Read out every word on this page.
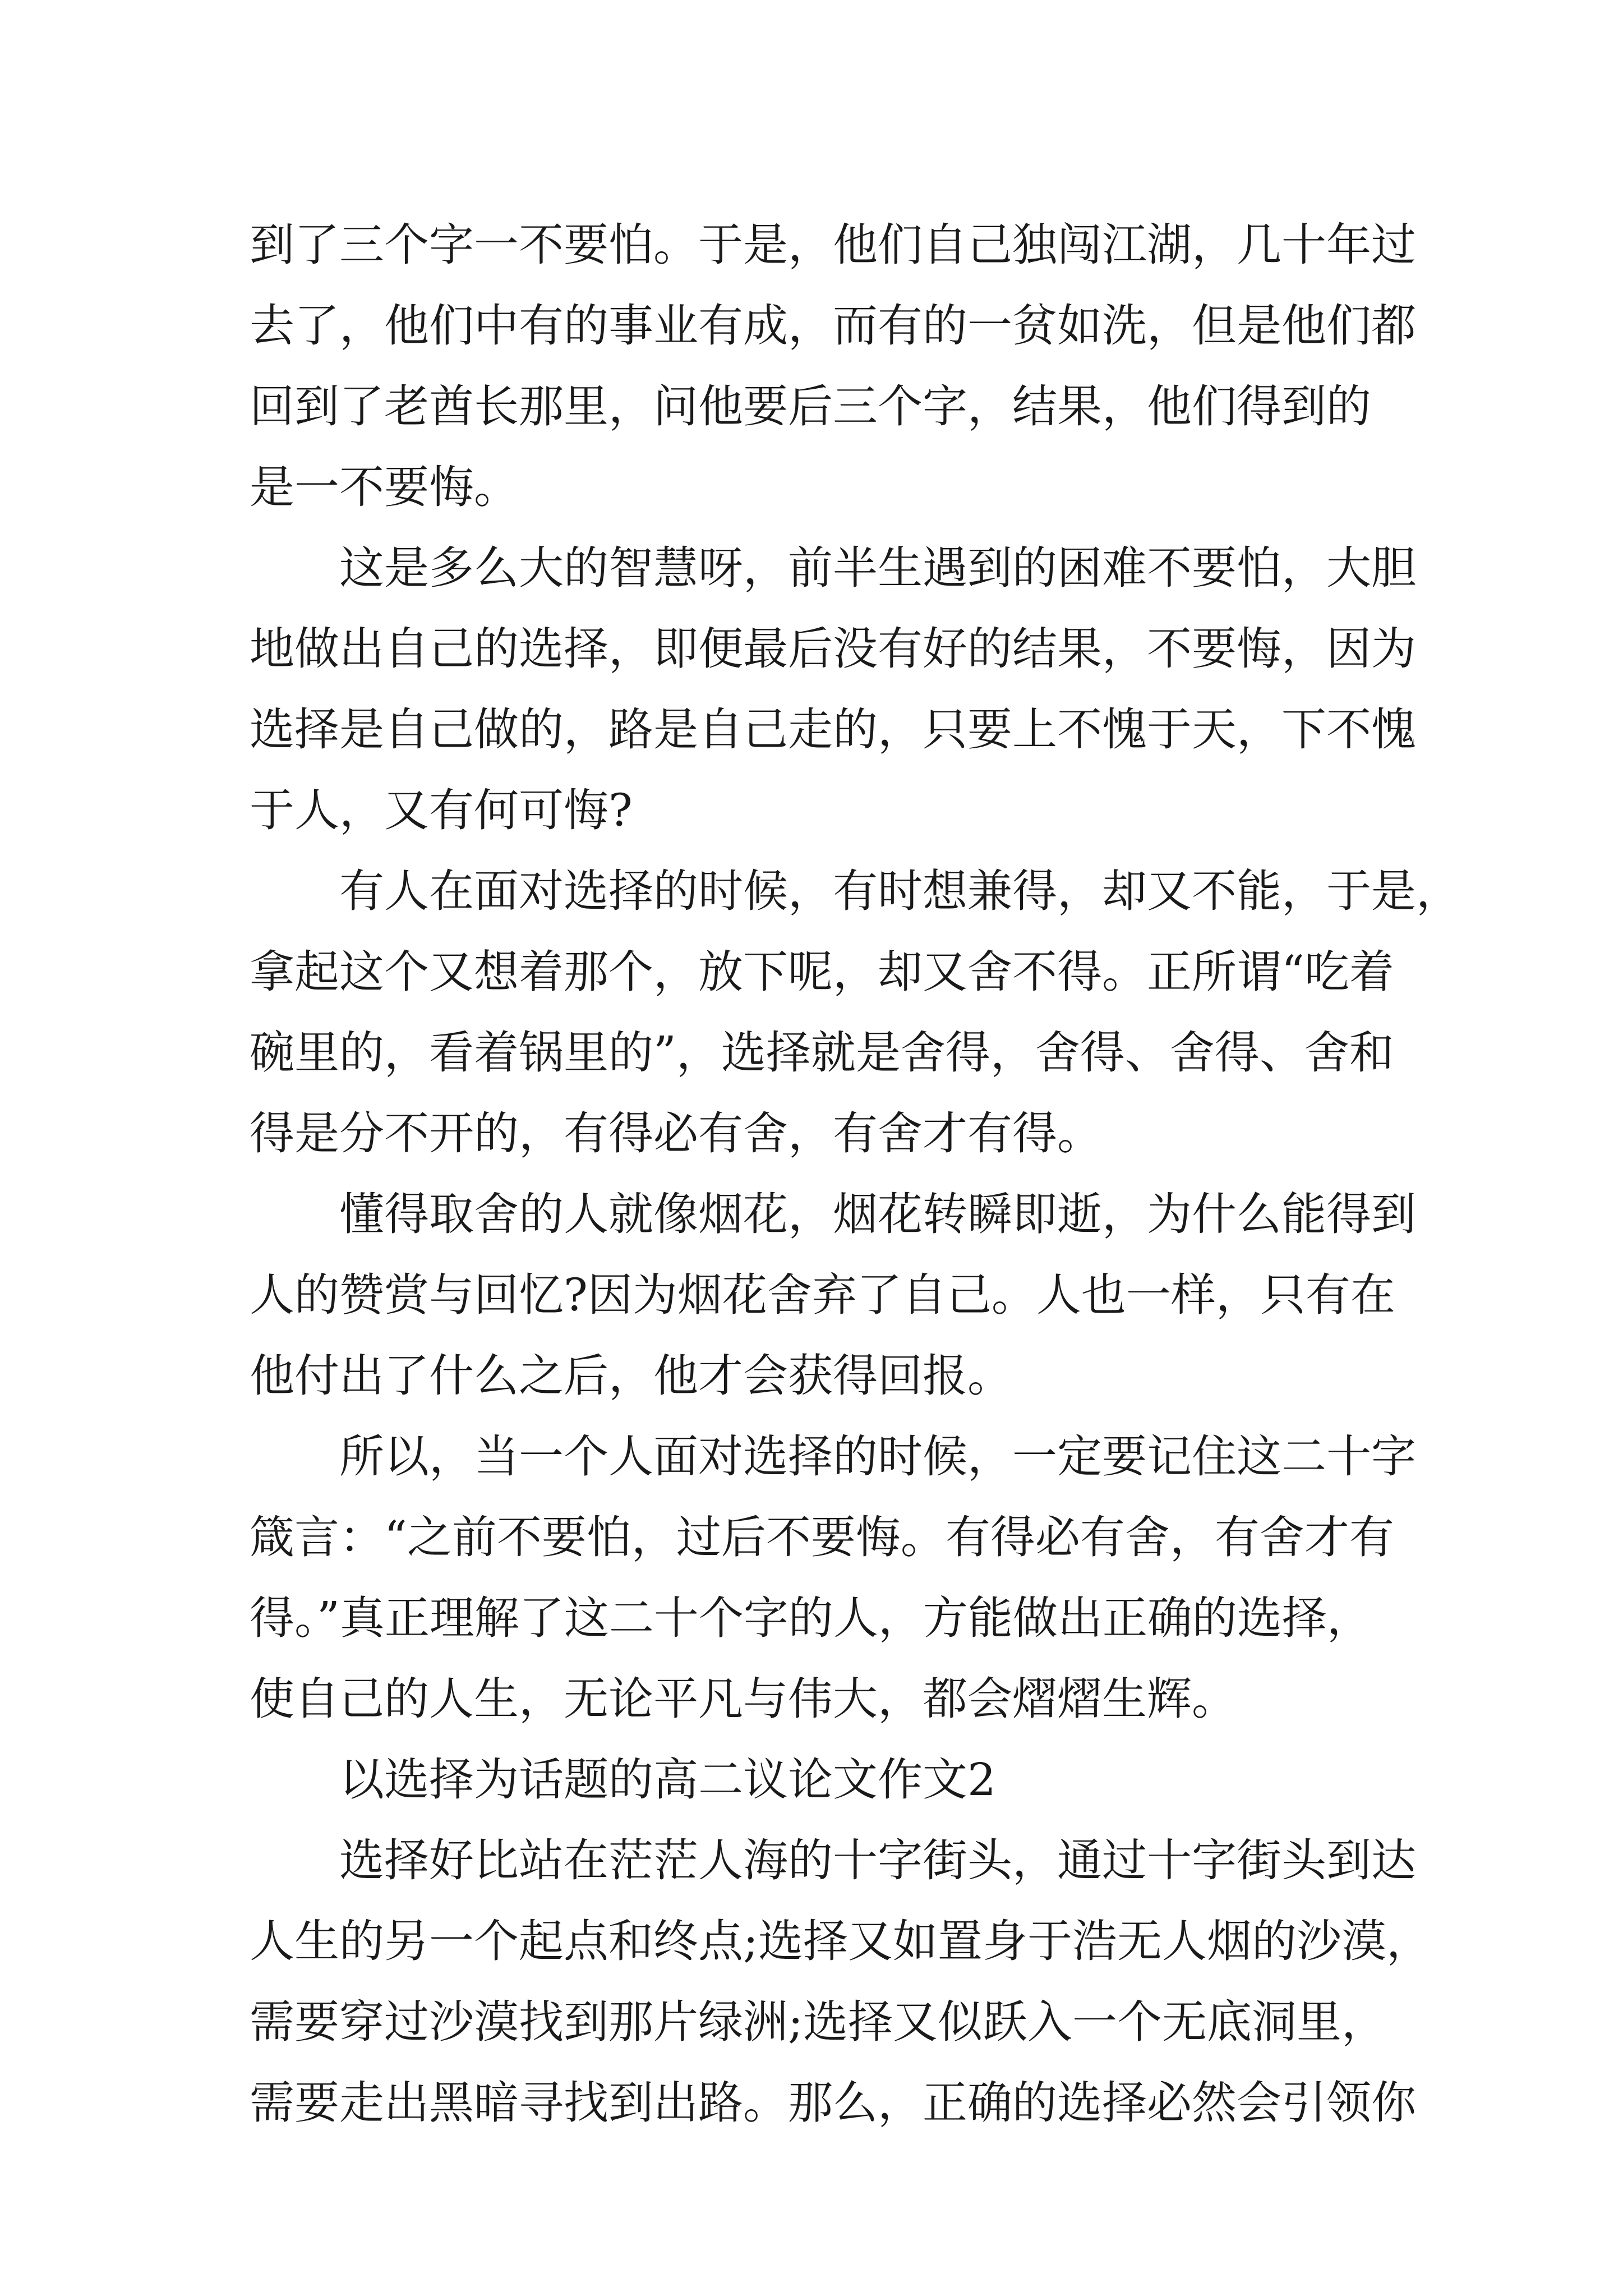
到了三个字一不要怕。于是，他们自己独闯江湖，几十年过
去了，他们中有的事业有成，而有的一贫如洗，但是他们都
回到了老酋长那里，问他要后三个字，结果，他们得到的
是一不要悔。
这是多么大的智慧呀，前半生遇到的困难不要怕，大胆
地做出自己的选择，即便最后没有好的结果，不要悔，因为
选择是自己做的，路是自己走的，只要上不愧于天，下不愧
于人，又有何可悔?
有人在面对选择的时候，有时想兼得，却又不能，于是，
拿起这个又想着那个，放下呢，却又舍不得。正所谓“吃着
碗里的，看着锅里的”，选择就是舍得，舍得、舍得、舍和
得是分不开的，有得必有舍，有舍才有得。
懂得取舍的人就像烟花，烟花转瞬即逝，为什么能得到
人的赞赏与回忆?因为烟花舍弃了自己。人也一样，只有在
他付出了什么之后，他才会获得回报。
所以，当一个人面对选择的时候，一定要记住这二十字
箴言：“之前不要怕，过后不要悔。有得必有舍，有舍才有
得。”真正理解了这二十个字的人，方能做出正确的选择，
使自己的人生，无论平凡与伟大，都会熠熠生辉。
以选择为话题的高二议论文作文2
选择好比站在茫茫人海的十字街头，通过十字街头到达
人生的另一个起点和终点;选择又如置身于浩无人烟的沙漠，
需要穿过沙漠找到那片绿洲;选择又似跃入一个无底洞里，
需要走出黑暗寻找到出路。那么，正确的选择必然会引领你
